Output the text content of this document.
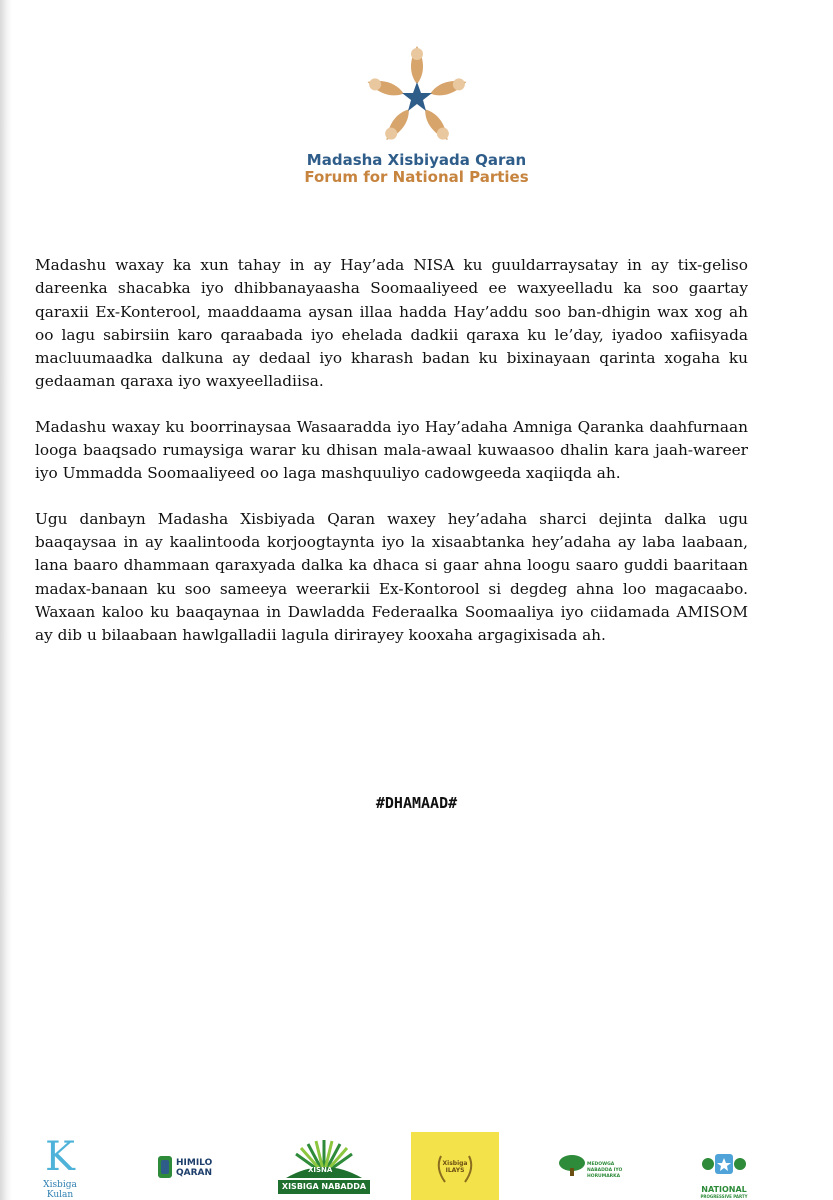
Madasha Xisbiyada Qaran
Forum for National Parties

Madashu waxay ka xun tahay in ay Hay’ada NISA ku guuldarraysatay in ay tix-geliso dareenka shacabka iyo dhibbanayaasha Soomaaliyeed ee waxyeelladu ka soo gaartay qaraxii Ex-Konterool, maaddaama aysan illaa hadda Hay’addu soo ban-dhigin wax xog ah oo lagu sabirsiin karo qaraabada iyo ehelada dadkii qaraxa ku le’day, iyadoo xafiisyada macluumaadka dalkuna ay dedaal iyo kharash badan ku bixinayaan qarinta xogaha ku gedaaman qaraxa iyo waxyeelladiisa.

Madashu waxay ku boorrinaysaa Wasaaradda iyo Hay’adaha Amniga Qaranka daahfurnaan looga baaqsado rumaysiga warar ku dhisan mala-awaal kuwaasoo dhalin kara jaah-wareer iyo Ummadda Soomaaliyeed oo laga mashquuliyo cadowgeeda xaqiiqda ah.

Ugu danbayn Madasha Xisbiyada Qaran waxey hey’adaha sharci dejinta dalka ugu baaqaysaa in ay kaalintooda korjoogtaynta iyo la xisaabtanka hey’adaha ay laba laabaan, lana baaro dhammaan qaraxyada dalka ka dhaca si gaar ahna loogu saaro guddi baaritaan madax-banaan ku soo sameeya weerarkii Ex-Kontorool si degdeg ahna loo magacaabo. Waxaan kaloo ku baaqaynaa in Dawladda Federaalka Soomaaliya iyo ciidamada AMISOM ay dib u bilaabaan hawlgalladii lagula dirirayey kooxaha argagixisada ah.

#DHAMAAD#
K
Xisbiga Kulan
HIMILO
QARAN	XISNA
XISBIGA NABADDA
Xisbiga
ILAYS
MEDOWGA NABADDA IYO
HORUMARKA
NATIONAL
PROGRESSIVE PARTY
